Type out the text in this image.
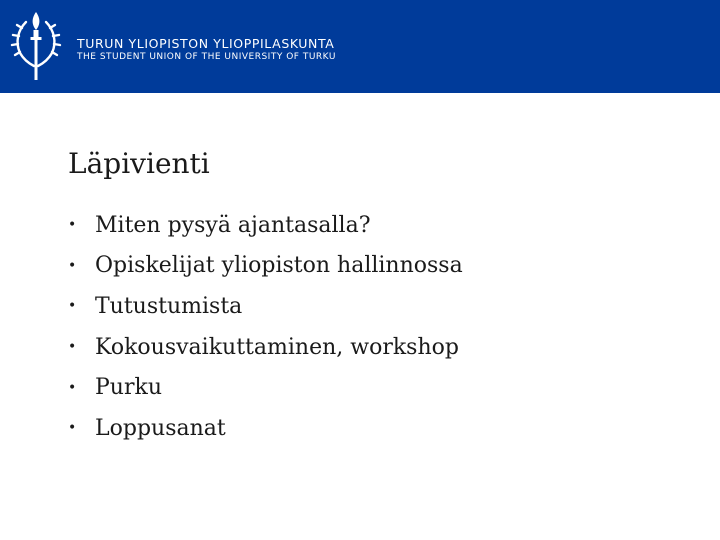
TURUN YLIOPISTON YLIOPPILASKUNTA
THE STUDENT UNION OF THE UNIVERSITY OF TURKU
Läpivienti
• Miten pysyä ajantasalla?
• Opiskelijat yliopiston hallinnossa
• Tutustumista
• Kokousvaikuttaminen, workshop
• Purku
• Loppusanat
